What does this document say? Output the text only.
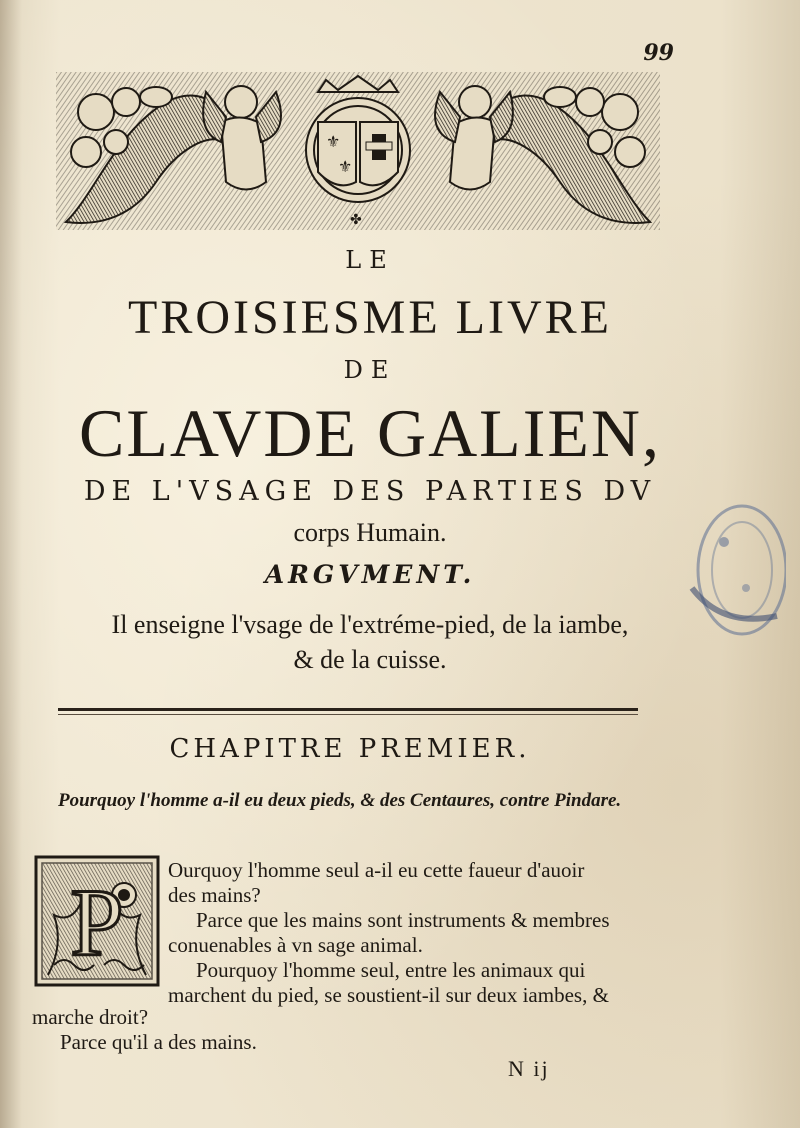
99
⚜
⚜
✤
LE
TROISIESME LIVRE
DE
CLAVDE GALIEN,
DE L'VSAGE DES PARTIES DV
corps Humain.
ARGVMENT.
Il enseigne l'vsage de l'extréme-pied, de la iambe,
& de la cuisse.
CHAPITRE PREMIER.
Pourquoy l'homme a-il eu deux pieds, & des Centaures, contre Pindare.
P Ourquoy l'homme seul a-il eu cette faueur d'auoir
des mains?
Parce que les mains sont instruments & membres
conuenables à vn sage animal.
Pourquoy l'homme seul, entre les animaux qui
marchent du pied, se soustient-il sur deux iambes, &
marche droit?
Parce qu'il a des mains.
N ij
